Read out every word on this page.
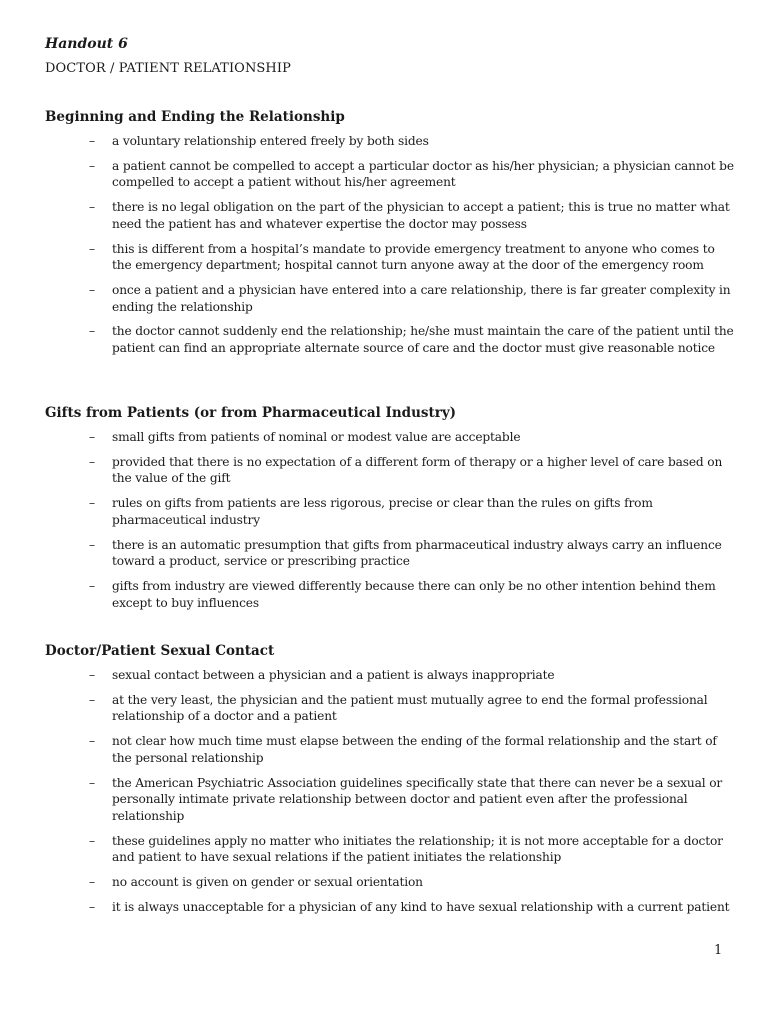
Handout 6
DOCTOR / PATIENT RELATIONSHIP
Beginning and Ending the Relationship
– a voluntary relationship entered freely by both sides
– a patient cannot be compelled to accept a particular doctor as his/her physician; a physician cannot be compelled to accept a patient without his/her agreement
– there is no legal obligation on the part of the physician to accept a patient; this is true no matter what need the patient has and whatever expertise the doctor may possess
– this is different from a hospital’s mandate to provide emergency treatment to anyone who comes to the emergency department; hospital cannot turn anyone away at the door of the emergency room
– once a patient and a physician have entered into a care relationship, there is far greater complexity in ending the relationship
– the doctor cannot suddenly end the relationship; he/she must maintain the care of the patient until the patient can find an appropriate alternate source of care and the doctor must give reasonable notice
Gifts from Patients (or from Pharmaceutical Industry)
– small gifts from patients of nominal or modest value are acceptable
– provided that there is no expectation of a different form of therapy or a higher level of care based on the value of the gift
– rules on gifts from patients are less rigorous, precise or clear than the rules on gifts from pharmaceutical industry
– there is an automatic presumption that gifts from pharmaceutical industry always carry an influence toward a product, service or prescribing practice
– gifts from industry are viewed differently because there can only be no other intention behind them except to buy influences
Doctor/Patient Sexual Contact
– sexual contact between a physician and a patient is always inappropriate
– at the very least, the physician and the patient must mutually agree to end the formal professional relationship of a doctor and a patient
– not clear how much time must elapse between the ending of the formal relationship and the start of the personal relationship
– the American Psychiatric Association guidelines specifically state that there can never be a sexual or personally intimate private relationship between doctor and patient even after the professional relationship
– these guidelines apply no matter who initiates the relationship; it is not more acceptable for a doctor and patient to have sexual relations if the patient initiates the relationship
– no account is given on gender or sexual orientation
– it is always unacceptable for a physician of any kind to have sexual relationship with a current patient
1
